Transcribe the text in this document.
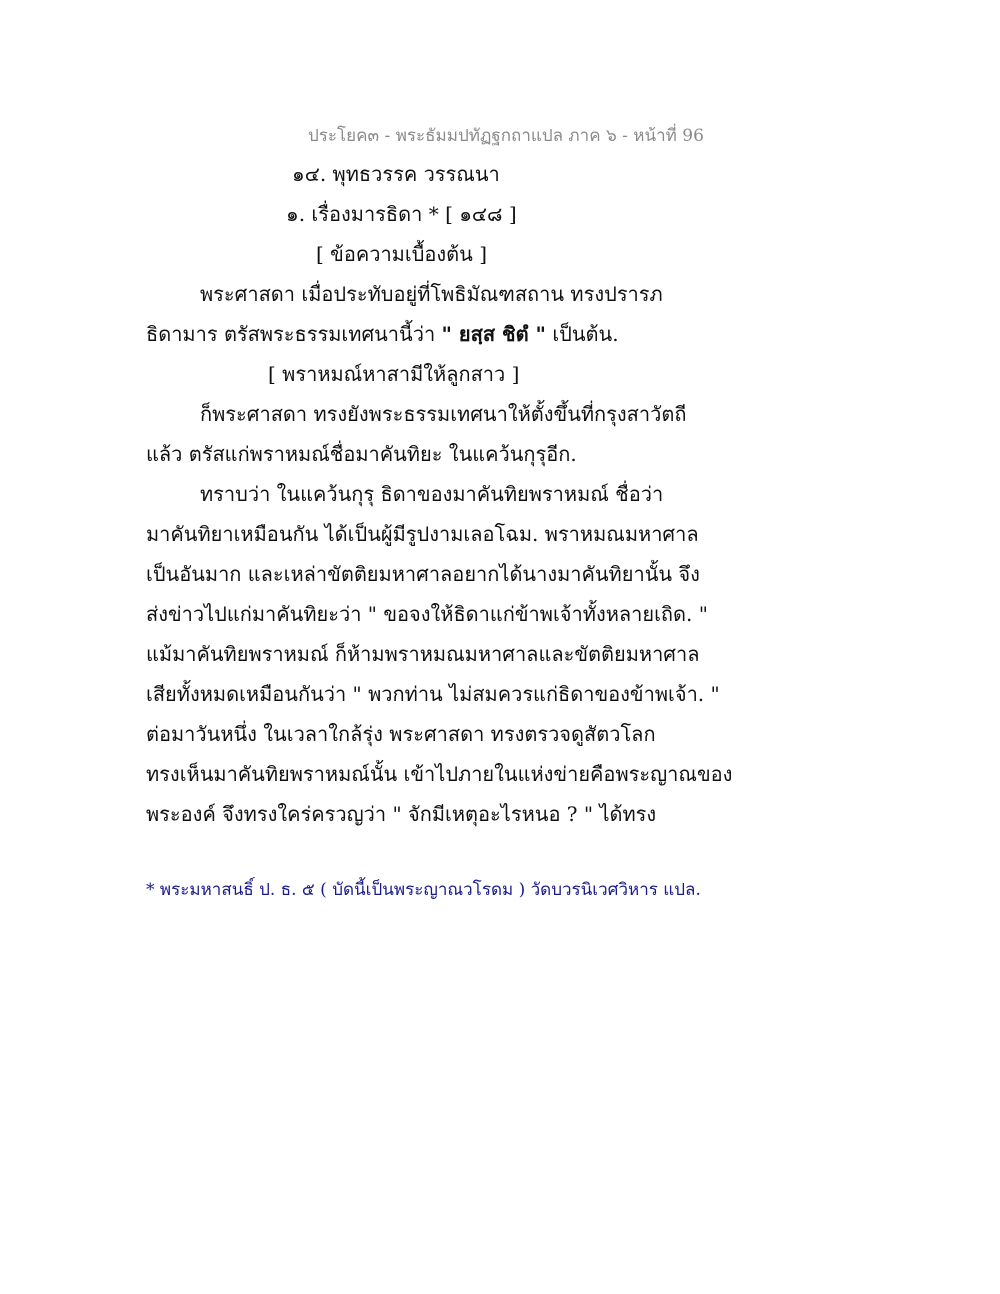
ประโยค๓ - พระธัมมปทัฏฐกถาแปล ภาค ๖ - หน้าที่ 96
๑๔. พุทธวรรค วรรณนา
๑. เรื่องมารธิดา * [ ๑๔๘ ]
[ ข้อความเบื้องต้น ]
พระศาสดา เมื่อประทับอยู่ที่โพธิมัณฑสถาน ทรงปรารภ
ธิดามาร ตรัสพระธรรมเทศนานี้ว่า " ยสฺส ชิตํ " เป็นต้น.
[ พราหมณ์หาสามีให้ลูกสาว ]
ก็พระศาสดา ทรงยังพระธรรมเทศนาให้ตั้งขึ้นที่กรุงสาวัตถี
แล้ว ตรัสแก่พราหมณ์ชื่อมาคันทิยะ ในแคว้นกุรุอีก.
ทราบว่า ในแคว้นกุรุ ธิดาของมาคันทิยพราหมณ์ ชื่อว่า
มาคันทิยาเหมือนกัน ได้เป็นผู้มีรูปงามเลอโฉม. พราหมณมหาศาล
เป็นอันมาก และเหล่าขัตติยมหาศาลอยากได้นางมาคันทิยานั้น จึง
ส่งข่าวไปแก่มาคันทิยะว่า " ขอจงให้ธิดาแก่ข้าพเจ้าทั้งหลายเถิด. "
แม้มาคันทิยพราหมณ์ ก็ห้ามพราหมณมหาศาลและขัตติยมหาศาล
เสียทั้งหมดเหมือนกันว่า " พวกท่าน ไม่สมควรแก่ธิดาของข้าพเจ้า. "
ต่อมาวันหนึ่ง ในเวลาใกล้รุ่ง พระศาสดา ทรงตรวจดูสัตวโลก
ทรงเห็นมาคันทิยพราหมณ์นั้น เข้าไปภายในแห่งข่ายคือพระญาณของ
พระองค์ จึงทรงใคร่ครวญว่า " จักมีเหตุอะไรหนอ ? " ได้ทรง
* พระมหาสนธิ์ ป. ธ. ๕ ( บัดนี้เป็นพระญาณวโรดม ) วัดบวรนิเวศวิหาร แปล.
